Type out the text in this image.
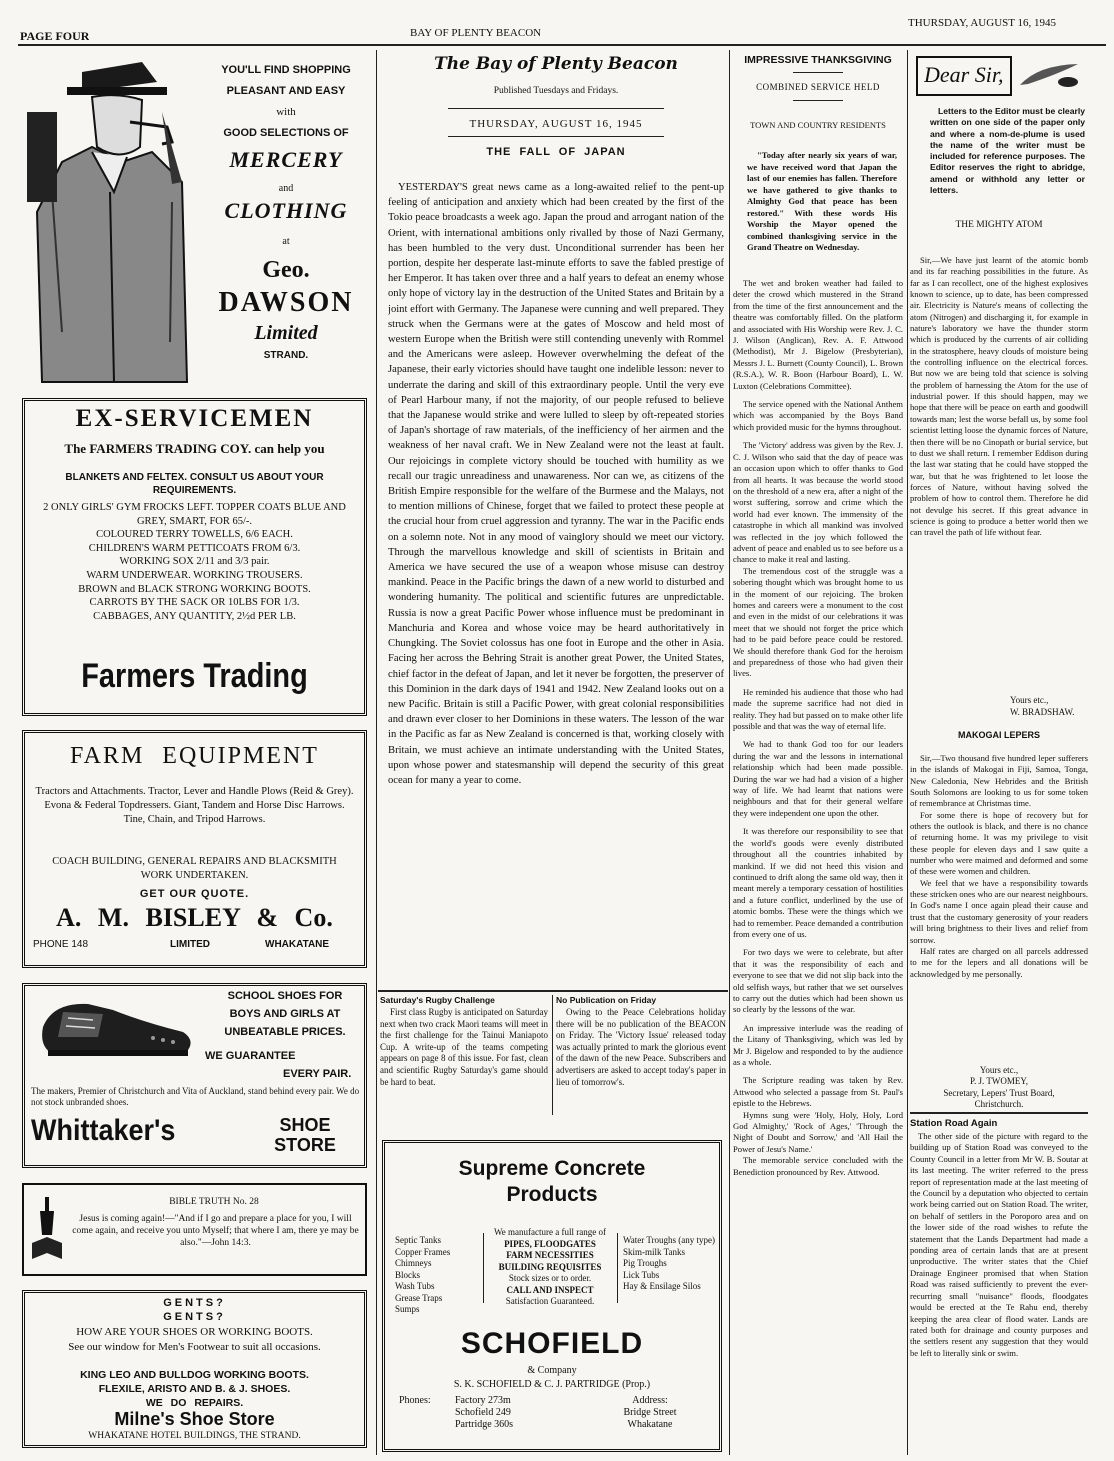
PAGE FOUR	BAY OF PLENTY BEACON
THURSDAY, AUGUST 16, 1945
YOU'LL FIND SHOPPING
PLEASANT AND EASY
with
GOOD SELECTIONS OF
MERCERY
and
CLOTHING
at
Geo.
DAWSON
Limited
STRAND.
EX-SERVICEMEN
The FARMERS TRADING COY. can help you
BLANKETS AND FELTEX. CONSULT US ABOUT YOUR REQUIREMENTS.
2 ONLY GIRLS' GYM FROCKS LEFT. TOPPER COATS BLUE AND GREY, SMART, FOR 65/-.
COLOURED TERRY TOWELLS, 6/6 EACH.
CHILDREN'S WARM PETTICOATS FROM 6/3.
WORKING SOX 2/11 and 3/3 pair.
WARM UNDERWEAR. WORKING TROUSERS.
BROWN and BLACK STRONG WORKING BOOTS.
CARROTS BY THE SACK OR 10LBS FOR 1/3.
CABBAGES, ANY QUANTITY, 2½d PER LB.
Farmers Trading
FARM EQUIPMENT
Tractors and Attachments. Tractor, Lever and Handle Plows (Reid & Grey). Evona & Federal Topdressers. Giant, Tandem and Horse Disc Harrows. Tine, Chain, and Tripod Harrows.
COACH BUILDING, GENERAL REPAIRS AND BLACKSMITH WORK UNDERTAKEN.
GET OUR QUOTE.
A. M. BISLEY & Co.
PHONE 148	LIMITED	WHAKATANE
SCHOOL SHOES FOR
BOYS AND GIRLS AT
UNBEATABLE PRICES.
WE GUARANTEE
EVERY PAIR.
The makers, Premier of Christchurch and Vita of Auckland, stand behind every pair. We do not stock unbranded shoes.
Whittaker's	SHOE
STORE
BIBLE TRUTH No. 28
Jesus is coming again!—"And if I go and prepare a place for you, I will come again, and receive you unto Myself; that where I am, there ye may be also."—John 14:3.
GENTS?
GENTS?
HOW ARE YOUR SHOES OR WORKING BOOTS.
See our window for Men's Footwear to suit all occasions.
KING LEO AND BULLDOG WORKING BOOTS.
FLEXILE, ARISTO AND B. & J. SHOES.
WE DO REPAIRS.
Milne's Shoe Store
WHAKATANE HOTEL BUILDINGS, THE STRAND.
The Bay of Plenty Beacon
Published Tuesdays and Fridays.
THURSDAY, AUGUST 16, 1945
THE FALL OF JAPAN
YESTERDAY'S great news came as a long-awaited relief to the pent-up feeling of anticipation and anxiety which had been created by the first of the Tokio peace broadcasts a week ago. Japan the proud and arrogant nation of the Orient, with international ambitions only rivalled by those of Nazi Germany, has been humbled to the very dust. Unconditional surrender has been her portion, despite her desperate last-minute efforts to save the fabled prestige of her Emperor. It has taken over three and a half years to defeat an enemy whose only hope of victory lay in the destruction of the United States and Britain by a joint effort with Germany. The Japanese were cunning and well prepared. They struck when the Germans were at the gates of Moscow and held most of western Europe when the British were still contending unevenly with Rommel and the Americans were asleep. However overwhelming the defeat of the Japanese, their early victories should have taught one indelible lesson: never to underrate the daring and skill of this extraordinary people. Until the very eve of Pearl Harbour many, if not the majority, of our people refused to believe that the Japanese would strike and were lulled to sleep by oft-repeated stories of Japan's shortage of raw materials, of the inefficiency of her airmen and the weakness of her naval craft. We in New Zealand were not the least at fault. Our rejoicings in complete victory should be touched with humility as we recall our tragic unreadiness and unawareness. Nor can we, as citizens of the British Empire responsible for the welfare of the Burmese and the Malays, not to mention millions of Chinese, forget that we failed to protect these people at the crucial hour from cruel aggression and tyranny. The war in the Pacific ends on a solemn note. Not in any mood of vainglory should we meet our victory. Through the marvellous knowledge and skill of scientists in Britain and America we have secured the use of a weapon whose misuse can destroy mankind. Peace in the Pacific brings the dawn of a new world to disturbed and wondering humanity. The political and scientific futures are unpredictable. Russia is now a great Pacific Power whose influence must be predominant in Manchuria and Korea and whose voice may be heard authoritatively in Chungking. The Soviet colossus has one foot in Europe and the other in Asia. Facing her across the Behring Strait is another great Power, the United States, chief factor in the defeat of Japan, and let it never be forgotten, the preserver of this Dominion in the dark days of 1941 and 1942. New Zealand looks out on a new Pacific. Britain is still a Pacific Power, with great colonial responsibilities and drawn ever closer to her Dominions in these waters. The lesson of the war in the Pacific as far as New Zealand is concerned is that, working closely with Britain, we must achieve an intimate understanding with the United States, upon whose power and statesmanship will depend the security of this great ocean for many a year to come.
Saturday's Rugby Challenge
First class Rugby is anticipated on Saturday next when two crack Maori teams will meet in the first challenge for the Tainui Maniapoto Cup. A write-up of the teams competing appears on page 8 of this issue. For fast, clean and scientific Rugby Saturday's game should be hard to beat.
No Publication on Friday
Owing to the Peace Celebrations holiday there will be no publication of the BEACON on Friday. The 'Victory Issue' released today was actually printed to mark the glorious event of the dawn of the new Peace. Subscribers and advertisers are asked to accept today's paper in lieu of tomorrow's.
Supreme Concrete
Products
Septic Tanks
Copper Frames
Chimneys
Blocks
Wash Tubs
Grease Traps
Sumps
We manufacture a full range of
PIPES, FLOODGATES
FARM NECESSITIES
BUILDING REQUISITES
Stock sizes or to order.
CALL AND INSPECT
Satisfaction Guaranteed.
Water Troughs (any type)
Skim-milk Tanks
Pig Troughs
Lick Tubs
Hay & Ensilage Silos
SCHOFIELD
& Company
S. K. SCHOFIELD & C. J. PARTRIDGE (Prop.)
Phones: Factory 273m
Schofield 249
Partridge 360s
Address:
Bridge Street
Whakatane
IMPRESSIVE THANKSGIVING
COMBINED SERVICE HELD
TOWN AND COUNTRY RESIDENTS
"Today after nearly six years of war, we have received word that Japan the last of our enemies has fallen. Therefore we have gathered to give thanks to Almighty God that peace has been restored." With these words His Worship the Mayor opened the combined thanksgiving service in the Grand Theatre on Wednesday.

The wet and broken weather had failed to deter the crowd which mustered in the Strand from the time of the first announcement and the theatre was comfortably filled. On the platform and associated with His Worship were Rev. J. C. J. Wilson (Anglican), Rev. A. F. Attwood (Methodist), Mr J. Bigelow (Presbyterian), Messrs J. L. Burnett (County Council), L. Brown (R.S.A.), W. R. Boon (Harbour Board), L. W. Luxton (Celebrations Committee).

The service opened with the National Anthem which was accompanied by the Boys Band which provided music for the hymns throughout.

The 'Victory' address was given by the Rev. J. C. J. Wilson who said that the day of peace was an occasion upon which to offer thanks to God from all hearts. It was because the world stood on the threshold of a new era, after a night of the worst suffering, sorrow and crime which the world had ever known. The immensity of the catastrophe in which all mankind was involved was reflected in the joy which followed the advent of peace and enabled us to see before us a chance to make it real and lasting.

The tremendous cost of the struggle was a sobering thought which was brought home to us in the moment of our rejoicing. The broken homes and careers were a monument to the cost and even in the midst of our celebrations it was meet that we should not forget the price which had to be paid before peace could be restored. We should therefore thank God for the heroism and preparedness of those who had given their lives.

He reminded his audience that those who had made the supreme sacrifice had not died in reality. They had but passed on to make other life possible and that was the way of eternal life.

We had to thank God too for our leaders during the war and the lessons in international relationship which had been made possible. During the war we had had a vision of a higher way of life. We had learnt that nations were neighbours and that for their general welfare they were independent one upon the other.

It was therefore our responsibility to see that the world's goods were evenly distributed throughout all the countries inhabited by mankind. If we did not heed this vision and continued to drift along the same old way, then it meant merely a temporary cessation of hostilities and a future conflict, underlined by the use of atomic bombs. These were the things which we had to remember. Peace demanded a contribution from every one of us.

For two days we were to celebrate, but after that it was the responsibility of each and everyone to see that we did not slip back into the old selfish ways, but rather that we set ourselves to carry out the duties which had been shown us so clearly by the lessons of the war.

An impressive interlude was the reading of the Litany of Thanksgiving, which was led by Mr J. Bigelow and responded to by the audience as a whole.

The Scripture reading was taken by Rev. Attwood who selected a passage from St. Paul's epistle to the Hebrews.

Hymns sung were 'Holy, Holy, Holy, Lord God Almighty,' 'Rock of Ages,' 'Through the Night of Doubt and Sorrow,' and 'All Hail the Power of Jesu's Name.'

The memorable service concluded with the Benediction pronounced by Rev. Attwood.

Dear Sir,
Letters to the Editor must be clearly written on one side of the paper only and where a nom-de-plume is used the name of the writer must be included for reference purposes. The Editor reserves the right to abridge, amend or withhold any letter or letters.
THE MIGHTY ATOM
Sir,—We have just learnt of the atomic bomb and its far reaching possibilities in the future. As far as I can recollect, one of the highest explosives known to science, up to date, has been compressed air. Electricity is Nature's means of collecting the atom (Nitrogen) and discharging it, for example in nature's laboratory we have the thunder storm which is produced by the currents of air colliding in the stratosphere, heavy clouds of moisture being the controlling influence on the electrical forces. But now we are being told that science is solving the problem of harnessing the Atom for the use of industrial power. If this should happen, may we hope that there will be peace on earth and goodwill towards man; lest the worse befall us, by some fool scientist letting loose the dynamic forces of Nature, then there will be no Cinopath or burial service, but to dust we shall return. I remember Eddison during the last war stating that he could have stopped the war, but that he was frightened to let loose the forces of Nature, without having solved the problem of how to control them. Therefore he did not devulge his secret. If this great advance in science is going to produce a better world then we can travel the path of life without fear.
Yours etc.,
W. BRADSHAW.
MAKOGAI LEPERS

Sir,—Two thousand five hundred leper sufferers in the islands of Makogai in Fiji, Samoa, Tonga, New Caledonia, New Hebrides and the British South Solomons are looking to us for some token of remembrance at Christmas time.

For some there is hope of recovery but for others the outlook is black, and there is no chance of returning home. It was my privilege to visit these people for eleven days and I saw quite a number who were maimed and deformed and some of these were women and children.

We feel that we have a responsibility towards these stricken ones who are our nearest neighbours. In God's name I once again plead their cause and trust that the customary generosity of your readers will bring brightness to their lives and relief from sorrow.

Half rates are charged on all parcels addressed to me for the lepers and all donations will be acknowledged by me personally.

Yours etc.,
P. J. TWOMEY,
Secretary, Lepers' Trust Board,
Christchurch.
Station Road Again
The other side of the picture with regard to the building up of Station Road was conveyed to the County Council in a letter from Mr W. B. Soutar at its last meeting. The writer referred to the press report of representation made at the last meeting of the Council by a deputation who objected to certain work being carried out on Station Road. The writer, on behalf of settlers in the Poroporo area and on the lower side of the road wishes to refute the statement that the Lands Department had made a ponding area of certain lands that are at present unproductive. The writer states that the Chief Drainage Engineer promised that when Station Road was raised sufficiently to prevent the ever-recurring small "nuisance" floods, floodgates would be erected at the Te Rahu end, thereby keeping the area clear of flood water. Lands are rated both for drainage and county purposes and the settlers resent any suggestion that they would be left to literally sink or swim.
